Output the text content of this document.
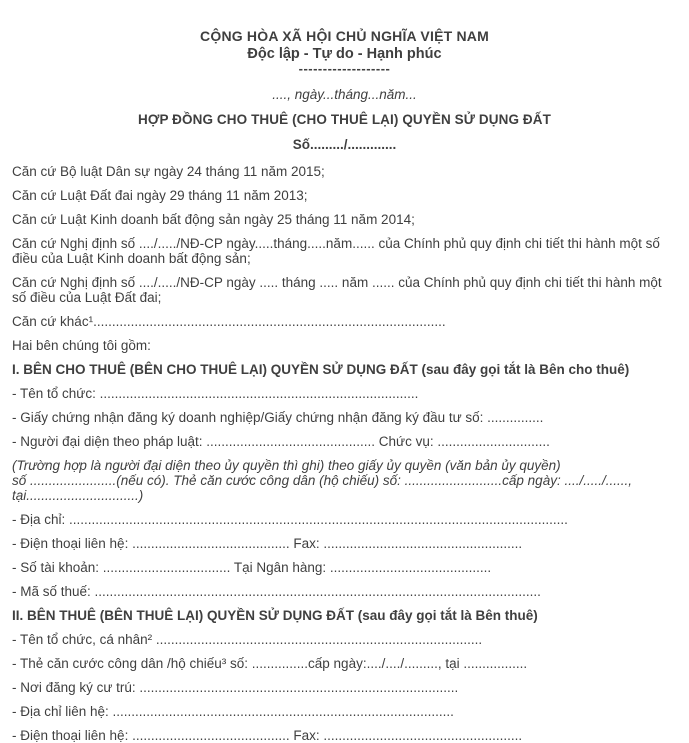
CỘNG HÒA XÃ HỘI CHỦ NGHĨA VIỆT NAM
Độc lập - Tự do - Hạnh phúc
-------------------
...., ngày...tháng...năm...
HỢP ĐỒNG CHO THUÊ (CHO THUÊ LẠI) QUYỀN SỬ DỤNG ĐẤT
Số........./.............

Căn cứ Bộ luật Dân sự ngày 24 tháng 11 năm 2015;

Căn cứ Luật Đất đai ngày 29 tháng 11 năm 2013;

Căn cứ Luật Kinh doanh bất động sản ngày 25 tháng 11 năm 2014;

Căn cứ Nghị định số ..../...../NĐ-CP ngày.....tháng.....năm...... của Chính phủ quy định chi tiết thi hành một số điều của Luật Kinh doanh bất động sản;

Căn cứ Nghị định số ..../...../NĐ-CP ngày ..... tháng ..... năm ...... của Chính phủ quy định chi tiết thi hành một số điều của Luật Đất đai;

Căn cứ khác¹..............................................................................................

Hai bên chúng tôi gồm:

I. BÊN CHO THUÊ (BÊN CHO THUÊ LẠI) QUYỀN SỬ DỤNG ĐẤT (sau đây gọi tắt là Bên cho thuê)

- Tên tổ chức: .....................................................................................

- Giấy chứng nhận đăng ký doanh nghiệp/Giấy chứng nhận đăng ký đầu tư số: ...............

- Người đại diện theo pháp luật: ............................................. Chức vụ: ..............................

(Trường hợp là người đại diện theo ủy quyền thì ghi) theo giấy ủy quyền (văn bản ủy quyền)
số .......................(nếu có). Thẻ căn cước công dân (hộ chiếu) số: ..........................cấp ngày: ..../...../......,
tại..............................)

- Địa chỉ: .....................................................................................................................................

- Điện thoại liên hệ: .......................................... Fax: .....................................................

- Số tài khoản: .................................. Tại Ngân hàng: ...........................................

- Mã số thuế: .......................................................................................................................

II. BÊN THUÊ (BÊN THUÊ LẠI) QUYỀN SỬ DỤNG ĐẤT (sau đây gọi tắt là Bên thuê)

- Tên tổ chức, cá nhân² .......................................................................................

- Thẻ căn cước công dân /hộ chiếu³ số: ...............cấp ngày:..../..../........., tại .................

- Nơi đăng ký cư trú: .....................................................................................

- Địa chỉ liên hệ: ...........................................................................................

- Điện thoại liên hệ: .......................................... Fax: .....................................................
